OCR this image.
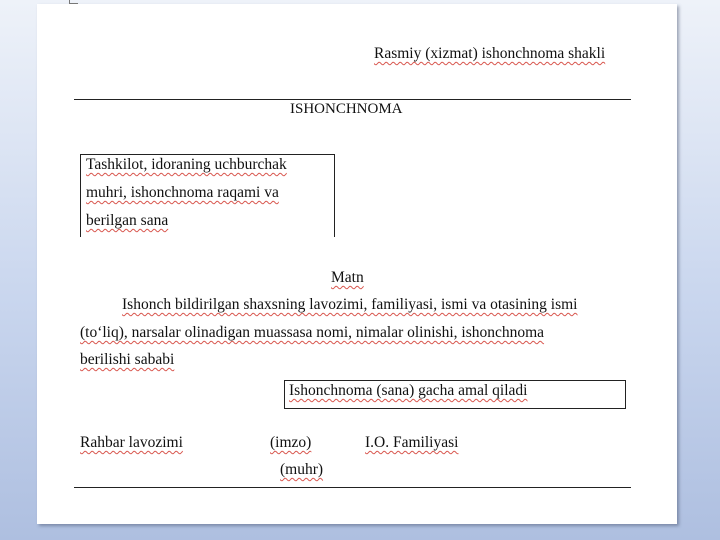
Rasmiy (xizmat) ishonchnoma shakli
ISHONCHNOMA
Tashkilot, idoraning uchburchak
muhri, ishonchnoma raqami va
berilgan sana
Matn
Ishonch bildirilgan shaxsning lavozimi, familiyasi, ismi va otasining ismi
(to‘liq), narsalar olinadigan muassasa nomi, nimalar olinishi, ishonchnoma
berilishi sababi
Ishonchnoma (sana) gacha amal qiladi
Rahbar lavozimi	(imzo)	I.O. Familiyasi
(muhr)
